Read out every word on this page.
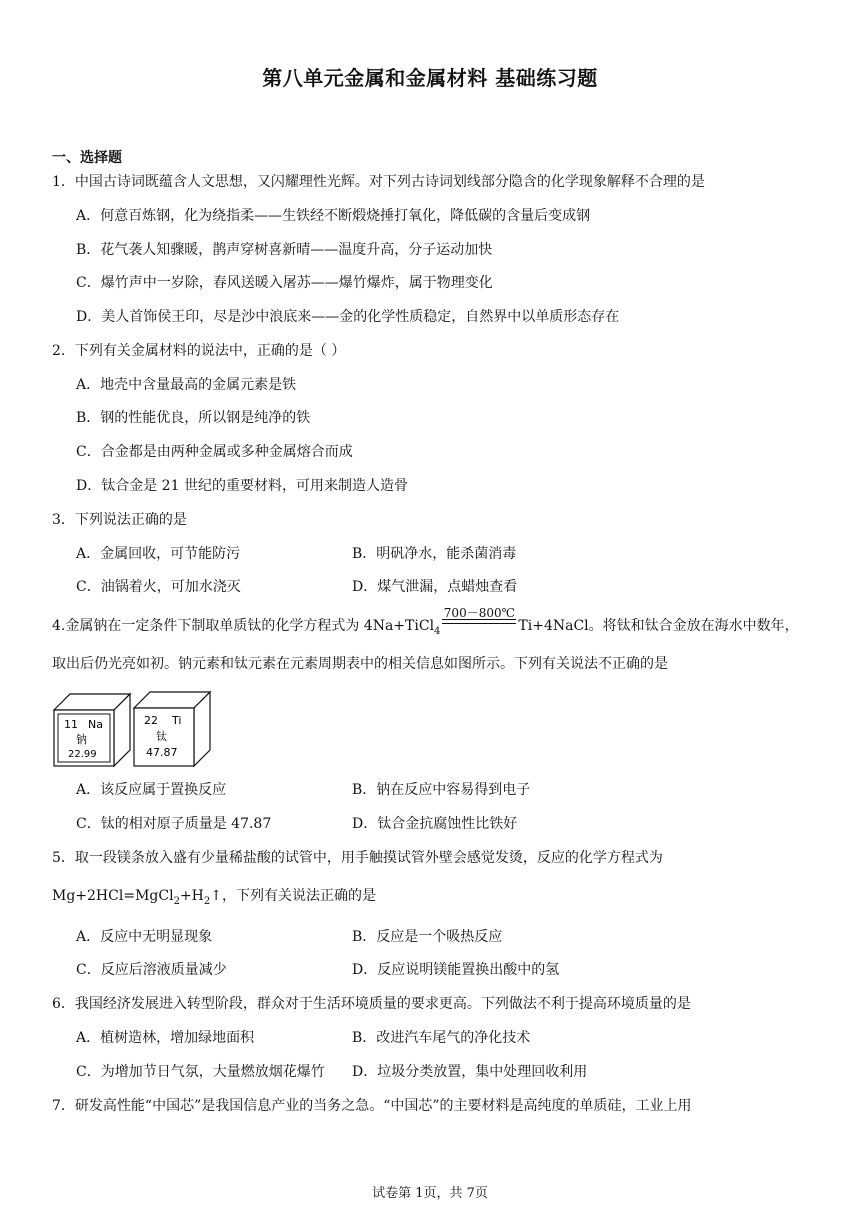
第八单元金属和金属材料 基础练习题
一、选择题
1．中国古诗词既蕴含人文思想，又闪耀理性光辉。对下列古诗词划线部分隐含的化学现象解释不合理的是
A．何意百炼钢，化为绕指柔——生铁经不断煅烧捶打氧化，降低碳的含量后变成钢
B．花气袭人知骤暖，鹊声穿树喜新晴——温度升高，分子运动加快
C．爆竹声中一岁除，春风送暖入屠苏——爆竹爆炸，属于物理变化
D．美人首饰侯王印，尽是沙中浪底来——金的化学性质稳定，自然界中以单质形态存在
2．下列有关金属材料的说法中，正确的是（ ）
A．地壳中含量最高的金属元素是铁
B．钢的性能优良，所以钢是纯净的铁
C．合金都是由两种金属或多种金属熔合而成
D．钛合金是 21 世纪的重要材料，可用来制造人造骨
3．下列说法正确的是
A．金属回收，可节能防污	B．明矾净水，能杀菌消毒
C．油锅着火，可加水浇灭	D．煤气泄漏，点蜡烛查看
4.金属钠在一定条件下制取单质钛的化学方程式为 4Na+TiCl$_4$
700－800℃
Ti+4NaCl。将钛和钛合金放在海水中数年，
取出后仍光亮如初。钠元素和钛元素在元素周期表中的相关信息如图所示。下列有关说法不正确的是
11 Na
钠
22.99
22 Ti
钛
47.87
A．该反应属于置换反应	B．钠在反应中容易得到电子
C．钛的相对原子质量是 47.87	D．钛合金抗腐蚀性比铁好
5．取一段镁条放入盛有少量稀盐酸的试管中，用手触摸试管外壁会感觉发烫，反应的化学方程式为
$Mg+2HCl=MgCl_2+H_2↑$，下列有关说法正确的是
A．反应中无明显现象	B．反应是一个吸热反应
C．反应后溶液质量减少	D．反应说明镁能置换出酸中的氢
6．我国经济发展进入转型阶段，群众对于生活环境质量的要求更高。下列做法不利于提高环境质量的是
A．植树造林，增加绿地面积	B．改进汽车尾气的净化技术
C．为增加节日气氛，大量燃放烟花爆竹 D．垃圾分类放置，集中处理回收利用
7．研发高性能“中国芯”是我国信息产业的当务之急。“中国芯”的主要材料是高纯度的单质硅，工业上用
试卷第 1页，共 7页
